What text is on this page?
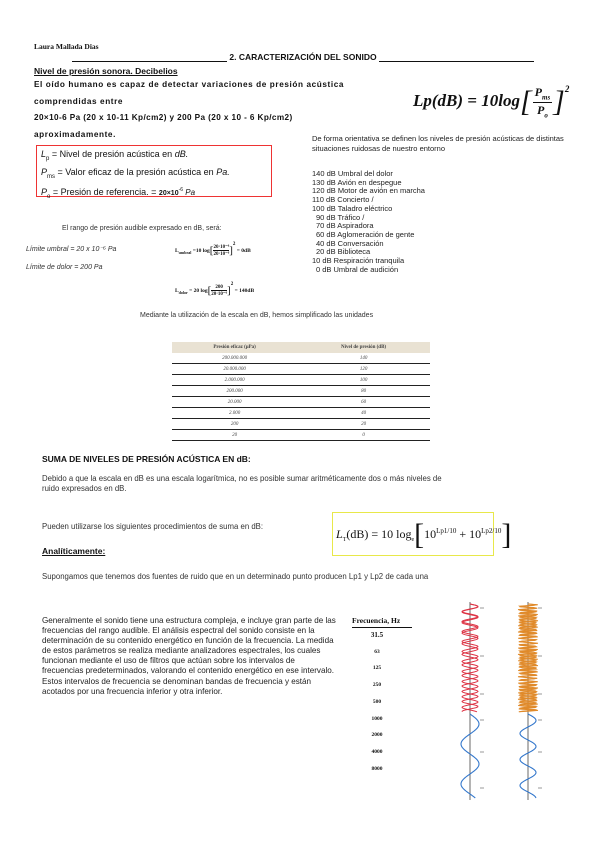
Laura Mallada Dias
2. CARACTERIZACIÓN DEL SONIDO
Nivel de presión sonora. Decibelios
El oído humano es capaz de detectar variaciones de presión acústica
comprendidas entre
20×10-6 Pa (20 x 10-11 Kp/cm2) y 200 Pa (20 x 10 - 6 Kp/cm2)
aproximadamente.
$Lp(dB) = 10\log[ \frac{P_{ms}}{P_o} ]^2$
$L_p$ = Nivel de presión acústica en dB.
$P_{ms}$ = Valor eficaz de la presión acústica en Pa.
$P_o$ = Presión de referencia. = $20\times 10^{-6}$ Pa
De forma orientativa se definen los niveles de presión acústicas de distintas situaciones ruidosas de nuestro entorno
140 dB Umbral del dolor
130 dB Avión en despegue
120 dB Motor de avión en marcha
110 dB Concierto /
100 dB Taladro eléctrico
90 dB Tráfico /
70 dB Aspiradora
60 dB Aglomeración de gente
40 dB Conversación
20 dB Biblioteca
10 dB Respiración tranquila
0 dB Umbral de audición
El rango de presión audible expresado en dB, será:
Límite umbral = 20 x 10⁻⁶ Pa
Límite de dolor = 200 Pa
$L_{umbral} =10$ $\log[ \frac{\text{20·10⁻⁶}}{\text{20·10⁻⁶}} ]^2 = 0dB$
$L_{dolor} = 20$ $\log[ \frac{200}{\text{20·10⁻⁶}} ]^2 = 140dB$
Mediante la utilización de la escala en dB, hemos simplificado las unidades
Presión eficaz (μPa)	Nivel de presión (dB)
200.000.000	140
20.000.000	120
2.000.000	100
200.000	80
20.000	60
2.000	40
200	20
20	0
SUMA DE NIVELES DE PRESIÓN ACÚSTICA EN dB:
Debido a que la escala en dB es una escala logarítmica, no es posible sumar aritméticamente dos o más niveles de ruido expresados en dB.
Pueden utilizarse los siguientes procedimientos de suma en dB:
$L_T(dB) = 10$ $\log_e[10^{Lp1/10} + 10^{Lp2/10}]$
Analíticamente:
Supongamos que tenemos dos fuentes de ruido que en un determinado punto producen Lp1 y Lp2 de cada una
Generalmente el sonido tiene una estructura compleja, e incluye gran parte de las frecuencias del rango audible. El análisis espectral del sonido consiste en la determinación de su contenido energético en función de la frecuencia. La medida de estos parámetros se realiza mediante analizadores espectrales, los cuales funcionan mediante el uso de filtros que actúan sobre los intervalos de frecuencias predeterminados, valorando el contenido energético en ese intervalo. Estos intervalos de frecuencia se denominan bandas de frecuencia y están acotados por una frecuencia inferior y otra inferior.
Frecuencia, Hz
31.5
63
125
250
500
1000
2000
4000
8000
